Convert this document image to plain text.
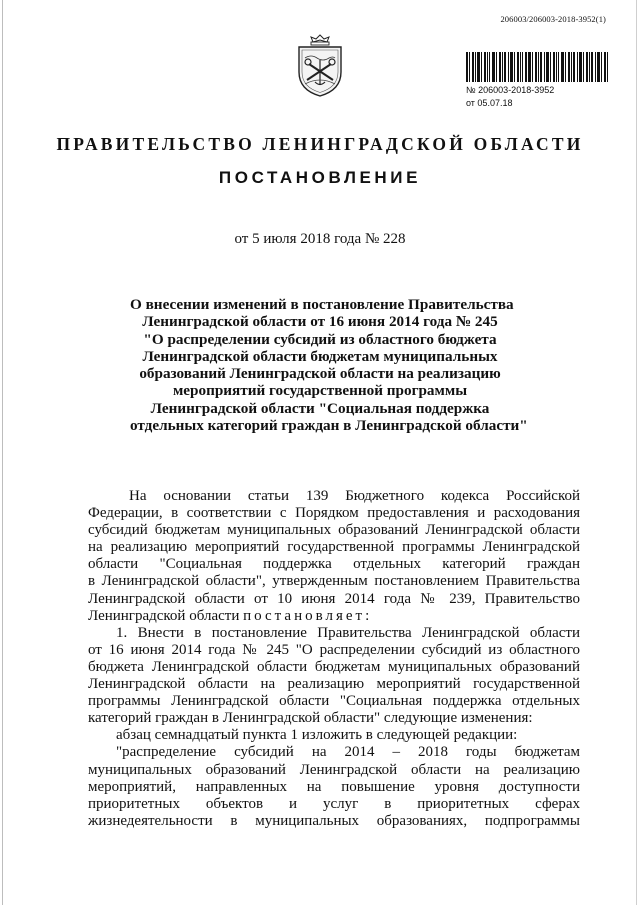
206003/206003-2018-3952(1)
№ 206003-2018-3952
от 05.07.18
ПРАВИТЕЛЬСТВО ЛЕНИНГРАДСКОЙ ОБЛАСТИ
ПОСТАНОВЛЕНИЕ
от 5 июля 2018 года № 228
О внесении изменений в постановление Правительства
Ленинградской области от 16 июня 2014 года № 245
"О распределении субсидий из областного бюджета
Ленинградской области бюджетам муниципальных
образований Ленинградской области на реализацию
мероприятий государственной программы
Ленинградской области "Социальная поддержка
отдельных категорий граждан в Ленинградской области"
На основании статьи 139 Бюджетного кодекса Российской
Федерации, в соответствии с Порядком предоставления и расходования
субсидий бюджетам муниципальных образований Ленинградской области
на реализацию мероприятий государственной программы Ленинградской
области "Социальная поддержка отдельных категорий граждан
в Ленинградской области", утвержденным постановлением Правительства
Ленинградской области от 10 июня 2014 года № 239, Правительство
Ленинградской области постановляет:
1. Внести в постановление Правительства Ленинградской области
от 16 июня 2014 года № 245 "О распределении субсидий из областного
бюджета Ленинградской области бюджетам муниципальных образований
Ленинградской области на реализацию мероприятий государственной
программы Ленинградской области "Социальная поддержка отдельных
категорий граждан в Ленинградской области" следующие изменения:
абзац семнадцатый пункта 1 изложить в следующей редакции:
"распределение субсидий на 2014 – 2018 годы бюджетам
муниципальных образований Ленинградской области на реализацию
мероприятий, направленных на повышение уровня доступности
приоритетных объектов и услуг в приоритетных сферах
жизнедеятельности в муниципальных образованиях, подпрограммы
